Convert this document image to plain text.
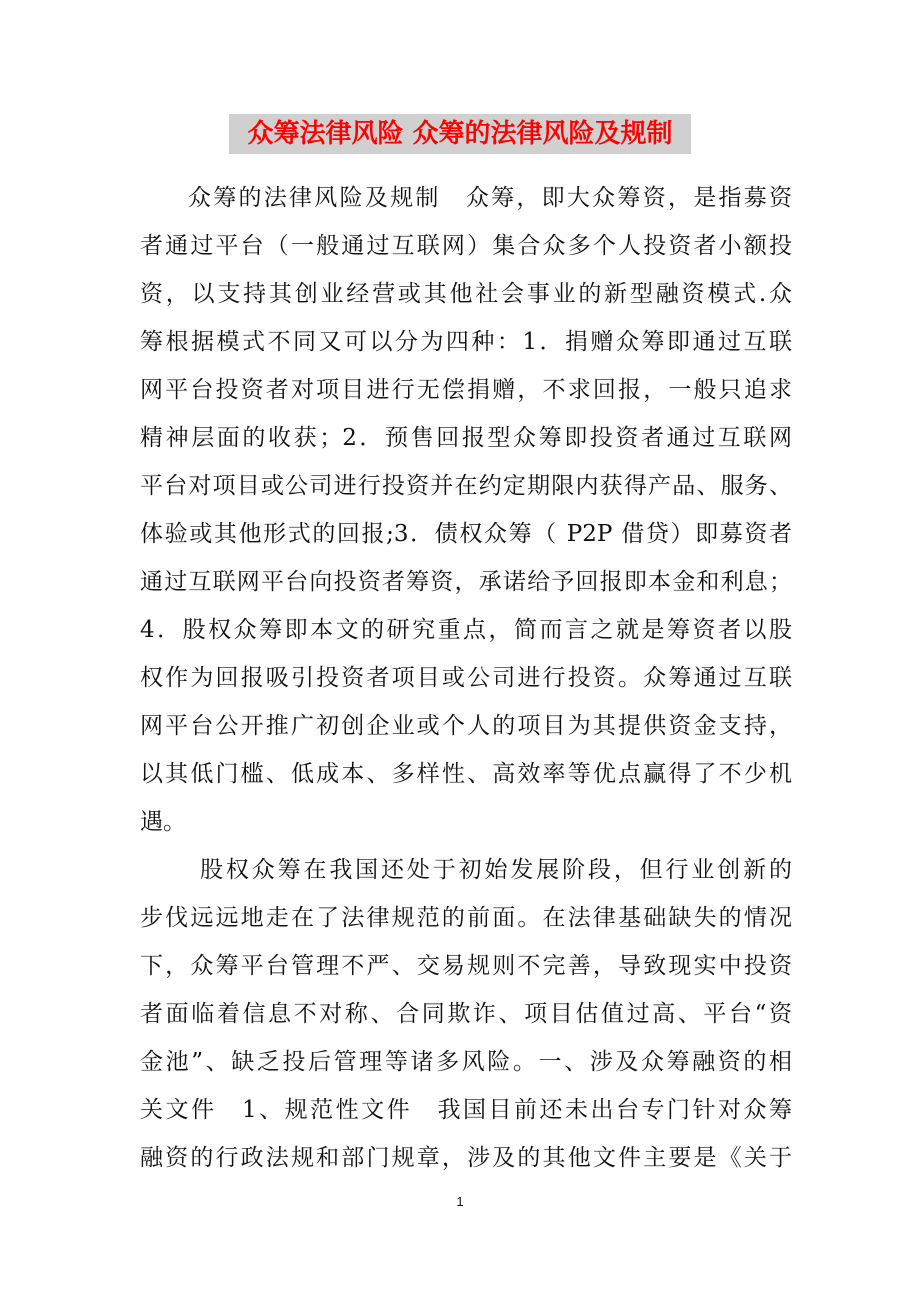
众筹法律风险 众筹的法律风险及规制
众筹的法律风险及规制　众筹，即大众筹资，是指募资
者通过平台（一般通过互联网）集合众多个人投资者小额投
资，以支持其创业经营或其他社会事业的新型融资模式.众
筹根据模式不同又可以分为四种：1．捐赠众筹即通过互联
网平台投资者对项目进行无偿捐赠，不求回报，一般只追求
精神层面的收获；2．预售回报型众筹即投资者通过互联网
平台对项目或公司进行投资并在约定期限内获得产品、服务、
体验或其他形式的回报;3．债权众筹（ P2P 借贷）即募资者
通过互联网平台向投资者筹资，承诺给予回报即本金和利息；
4．股权众筹即本文的研究重点，简而言之就是筹资者以股
权作为回报吸引投资者项目或公司进行投资。众筹通过互联
网平台公开推广初创企业或个人的项目为其提供资金支持，
以其低门槛、低成本、多样性、高效率等优点赢得了不少机
遇。
股权众筹在我国还处于初始发展阶段，但行业创新的
步伐远远地走在了法律规范的前面。在法律基础缺失的情况
下，众筹平台管理不严、交易规则不完善，导致现实中投资
者面临着信息不对称、合同欺诈、项目估值过高、平台“资
金池”、缺乏投后管理等诸多风险。一、涉及众筹融资的相
关文件　1、规范性文件　我国目前还未出台专门针对众筹
融资的行政法规和部门规章，涉及的其他文件主要是《关于
1
